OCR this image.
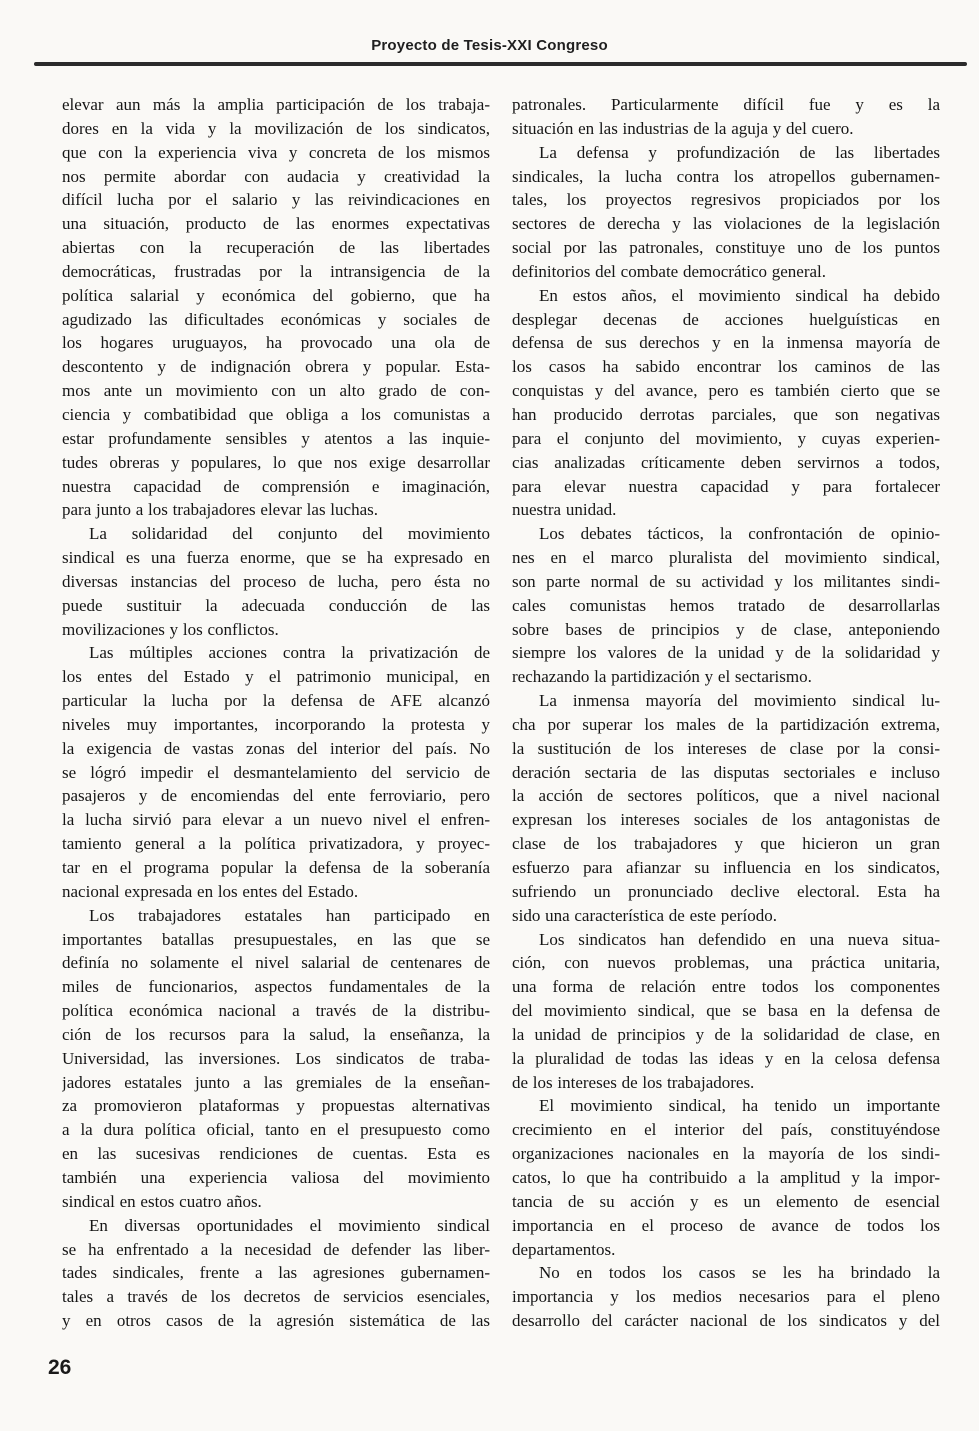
Proyecto de Tesis-XXI Congreso
elevar aun más la amplia participación de los trabaja-
dores en la vida y la movilización de los sindicatos,
que con la experiencia viva y concreta de los mismos
nos permite abordar con audacia y creatividad la
difícil lucha por el salario y las reivindicaciones en
una situación, producto de las enormes expectativas
abiertas con la recuperación de las libertades
democráticas, frustradas por la intransigencia de la
política salarial y económica del gobierno, que ha
agudizado las dificultades económicas y sociales de
los hogares uruguayos, ha provocado una ola de
descontento y de indignación obrera y popular. Esta-
mos ante un movimiento con un alto grado de con-
ciencia y combatibidad que obliga a los comunistas a
estar profundamente sensibles y atentos a las inquie-
tudes obreras y populares, lo que nos exige desarrollar
nuestra capacidad de comprensión e imaginación,
para junto a los trabajadores elevar las luchas.
La solidaridad del conjunto del movimiento
sindical es una fuerza enorme, que se ha expresado en
diversas instancias del proceso de lucha, pero ésta no
puede sustituir la adecuada conducción de las
movilizaciones y los conflictos.
Las múltiples acciones contra la privatización de
los entes del Estado y el patrimonio municipal, en
particular la lucha por la defensa de AFE alcanzó
niveles muy importantes, incorporando la protesta y
la exigencia de vastas zonas del interior del país. No
se lógró impedir el desmantelamiento del servicio de
pasajeros y de encomiendas del ente ferroviario, pero
la lucha sirvió para elevar a un nuevo nivel el enfren-
tamiento general a la política privatizadora, y proyec-
tar en el programa popular la defensa de la soberanía
nacional expresada en los entes del Estado.
Los trabajadores estatales han participado en
importantes batallas presupuestales, en las que se
definía no solamente el nivel salarial de centenares de
miles de funcionarios, aspectos fundamentales de la
política económica nacional a través de la distribu-
ción de los recursos para la salud, la enseñanza, la
Universidad, las inversiones. Los sindicatos de traba-
jadores estatales junto a las gremiales de la enseñan-
za promovieron plataformas y propuestas alternativas
a la dura política oficial, tanto en el presupuesto como
en las sucesivas rendiciones de cuentas. Esta es
también una experiencia valiosa del movimiento
sindical en estos cuatro años.
En diversas oportunidades el movimiento sindical
se ha enfrentado a la necesidad de defender las liber-
tades sindicales, frente a las agresiones gubernamen-
tales a través de los decretos de servicios esenciales,
y en otros casos de la agresión sistemática de las
patronales. Particularmente difícil fue y es la
situación en las industrias de la aguja y del cuero.
La defensa y profundización de las libertades
sindicales, la lucha contra los atropellos gubernamen-
tales, los proyectos regresivos propiciados por los
sectores de derecha y las violaciones de la legislación
social por las patronales, constituye uno de los puntos
definitorios del combate democrático general.
En estos años, el movimiento sindical ha debido
desplegar decenas de acciones huelguísticas en
defensa de sus derechos y en la inmensa mayoría de
los casos ha sabido encontrar los caminos de las
conquistas y del avance, pero es también cierto que se
han producido derrotas parciales, que son negativas
para el conjunto del movimiento, y cuyas experien-
cias analizadas críticamente deben servirnos a todos,
para elevar nuestra capacidad y para fortalecer
nuestra unidad.
Los debates tácticos, la confrontación de opinio-
nes en el marco pluralista del movimiento sindical,
son parte normal de su actividad y los militantes sindi-
cales comunistas hemos tratado de desarrollarlas
sobre bases de principios y de clase, anteponiendo
siempre los valores de la unidad y de la solidaridad y
rechazando la partidización y el sectarismo.
La inmensa mayoría del movimiento sindical lu-
cha por superar los males de la partidización extrema,
la sustitución de los intereses de clase por la consi-
deración sectaria de las disputas sectoriales e incluso
la acción de sectores políticos, que a nivel nacional
expresan los intereses sociales de los antagonistas de
clase de los trabajadores y que hicieron un gran
esfuerzo para afianzar su influencia en los sindicatos,
sufriendo un pronunciado declive electoral. Esta ha
sido una característica de este período.
Los sindicatos han defendido en una nueva situa-
ción, con nuevos problemas, una práctica unitaria,
una forma de relación entre todos los componentes
del movimiento sindical, que se basa en la defensa de
la unidad de principios y de la solidaridad de clase, en
la pluralidad de todas las ideas y en la celosa defensa
de los intereses de los trabajadores.
El movimiento sindical, ha tenido un importante
crecimiento en el interior del país, constituyéndose
organizaciones nacionales en la mayoría de los sindi-
catos, lo que ha contribuido a la amplitud y la impor-
tancia de su acción y es un elemento de esencial
importancia en el proceso de avance de todos los
departamentos.
No en todos los casos se les ha brindado la
importancia y los medios necesarios para el pleno
desarrollo del carácter nacional de los sindicatos y del
26
